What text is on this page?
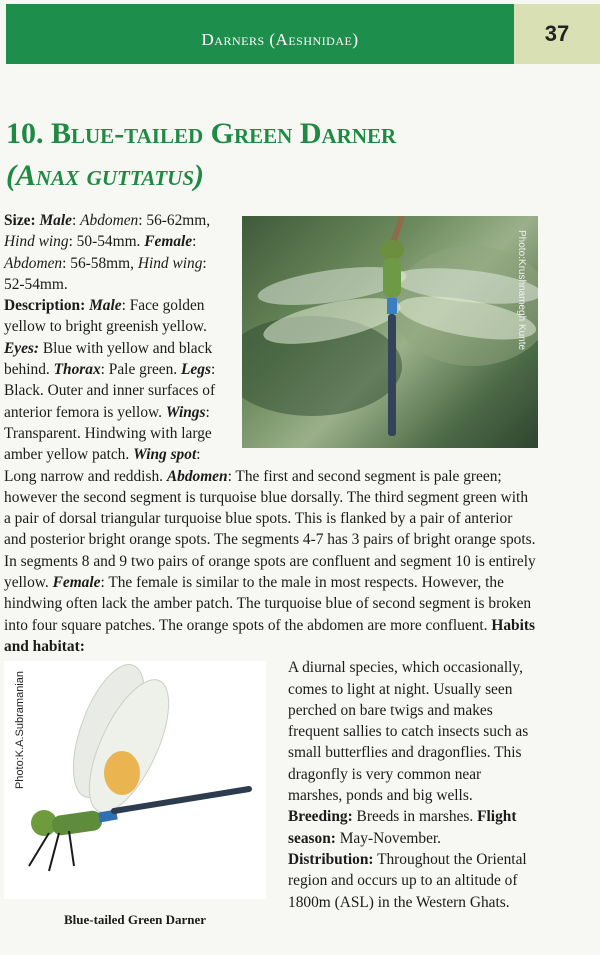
Darners (Aeshnidae)	37
10. Blue-tailed Green Darner
(Anax guttatus)
Photo:Krushnamegh Kunte

Size: Male: Abdomen: 56-62mm, Hind wing: 50-54mm. Female: Abdomen: 56-58mm, Hind wing: 52-54mm.

Description: Male: Face golden yellow to bright greenish yellow. Eyes: Blue with yellow and black behind. Thorax: Pale green. Legs: Black. Outer and inner surfaces of anterior femora is yellow. Wings: Transparent. Hindwing with large amber yellow patch. Wing spot: Long narrow and reddish. Abdomen: The first and second segment is pale green; however the second segment is turquoise blue dorsally. The third segment green with a pair of dorsal triangular turquoise blue spots. This is flanked by a pair of anterior and posterior bright orange spots. The segments 4-7 has 3 pairs of bright orange spots. In segments 8 and 9 two pairs of orange spots are confluent and segment 10 is entirely yellow. Female: The female is similar to the male in most respects. However, the hindwing often lack the amber patch. The turquoise blue of second segment is broken into four square patches. The orange spots of the abdomen are more confluent. Habits and habitat:

Photo:K.A.Subramanian
Blue-tailed Green Darner

A diurnal species, which occasionally, comes to light at night. Usually seen perched on bare twigs and makes frequent sallies to catch insects such as small butterflies and dragonflies. This dragonfly is very common near marshes, ponds and big wells.

Breeding: Breeds in marshes. Flight season: May-November.

Distribution: Throughout the Oriental region and occurs up to an altitude of 1800m (ASL) in the Western Ghats.
